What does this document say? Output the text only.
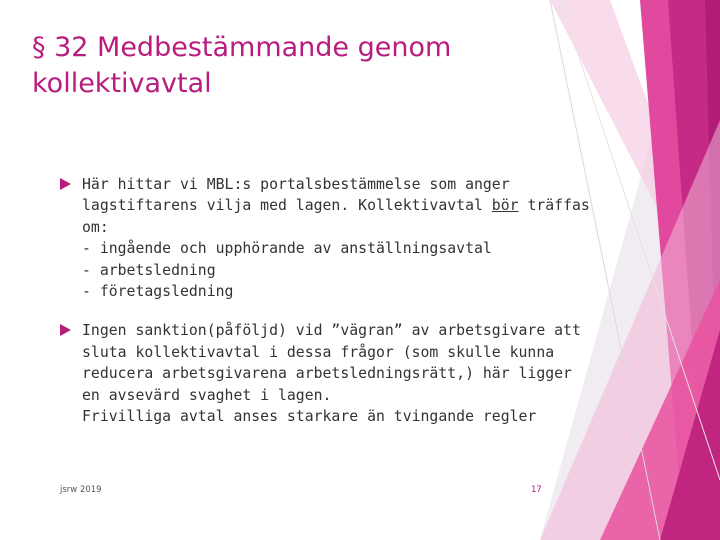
§ 32 Medbestämmande genom
kollektivavtal
Här hittar vi MBL:s portalsbestämmelse som anger
lagstiftarens vilja med lagen. Kollektivavtal bör träffas
om:
- ingående och upphörande av anställningsavtal
- arbetsledning
- företagsledning
Ingen sanktion(påföljd) vid ”vägran” av arbetsgivare att
sluta kollektivavtal i dessa frågor (som skulle kunna
reducera arbetsgivarena arbetsledningsrätt,) här ligger
en avsevärd svaghet i lagen.
Frivilliga avtal anses starkare än tvingande regler
jsrw 2019	17
